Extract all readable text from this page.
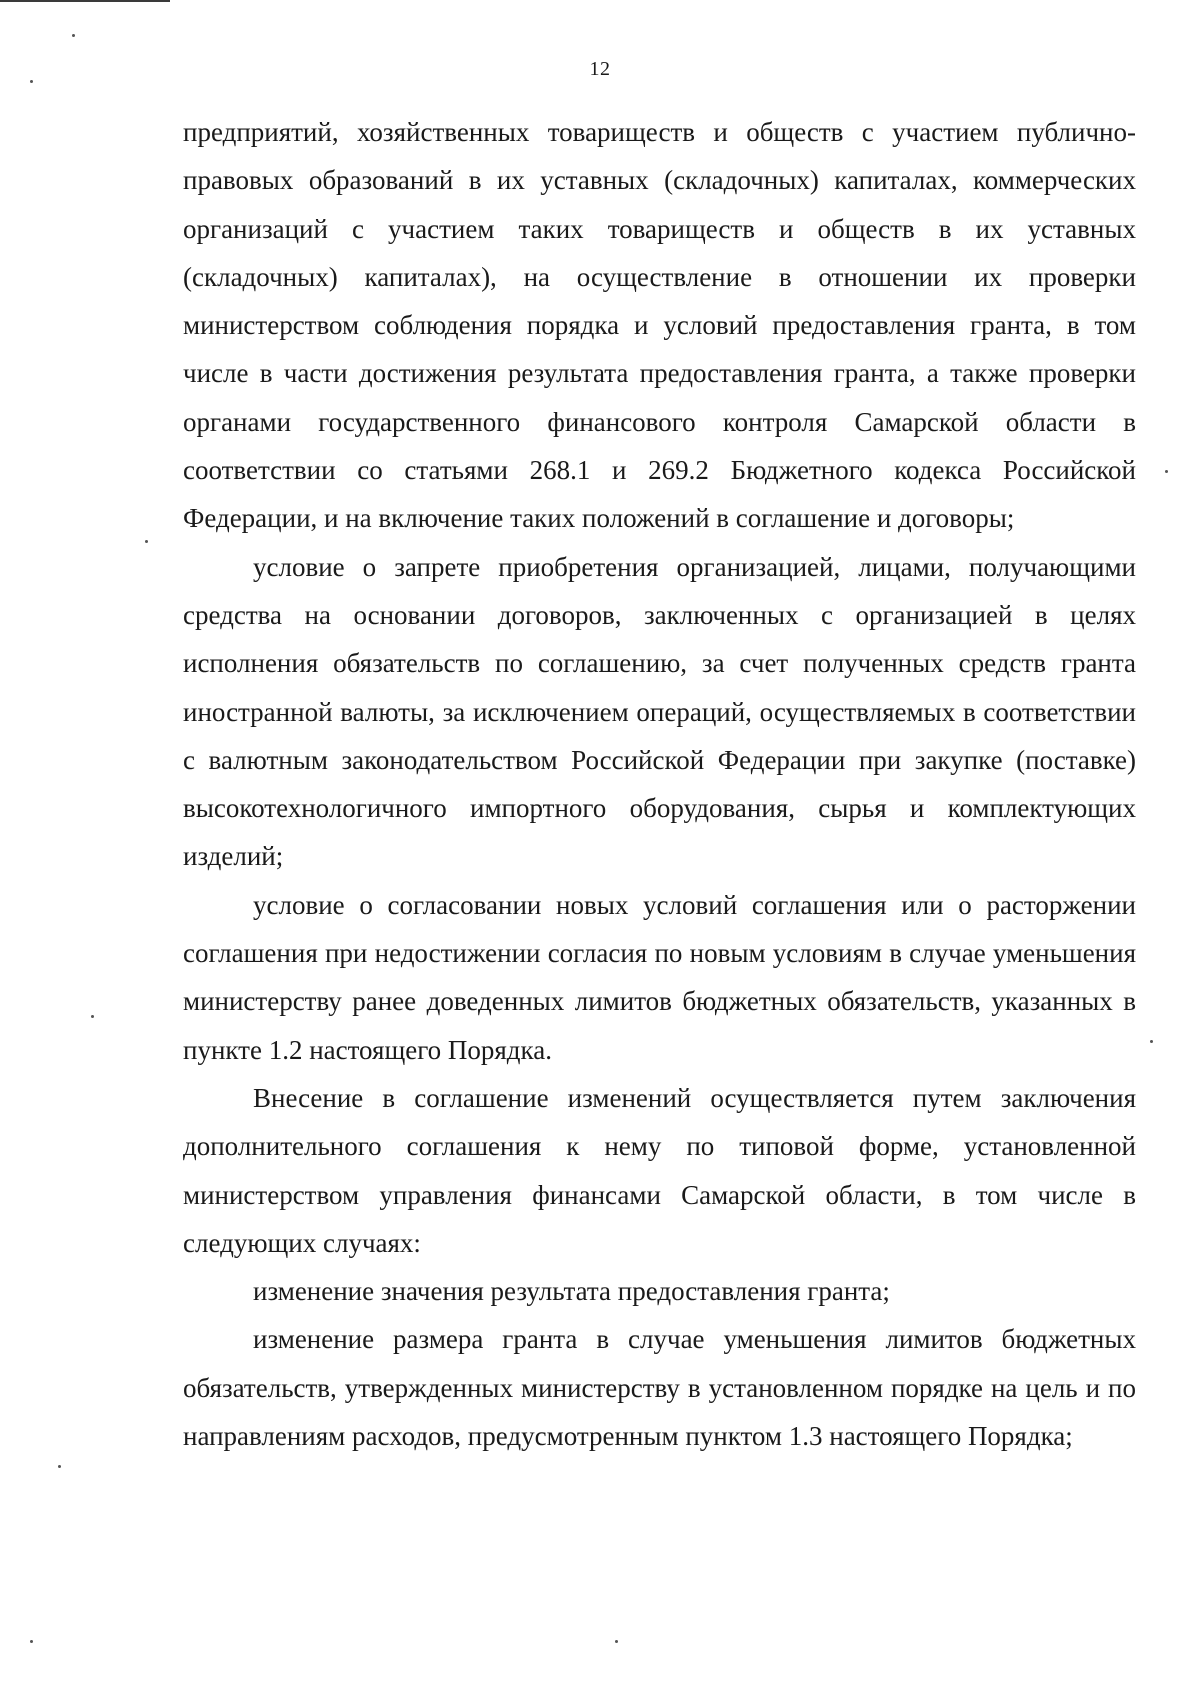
12

предприятий, хозяйственных товариществ и обществ с участием публично-правовых образований в их уставных (складочных) капиталах, коммерческих организаций с участием таких товариществ и обществ в их уставных (складочных) капиталах), на осуществление в отношении их проверки министерством соблюдения порядка и условий предоставления гранта, в том числе в части достижения результата предоставления гранта, а также проверки органами государственного финансового контроля Самарской области в соответствии со статьями 268.1 и 269.2 Бюджетного кодекса Российской Федерации, и на включение таких положений в соглашение и договоры;

условие о запрете приобретения организацией, лицами, получающими средства на основании договоров, заключенных с организацией в целях исполнения обязательств по соглашению, за счет полученных средств гранта иностранной валюты, за исключением операций, осуществляемых в соответствии с валютным законодательством Российской Федерации при закупке (поставке) высокотехнологичного импортного оборудования, сырья и комплектующих изделий;

условие о согласовании новых условий соглашения или о расторжении соглашения при недостижении согласия по новым условиям в случае уменьшения министерству ранее доведенных лимитов бюджетных обязательств, указанных в пункте 1.2 настоящего Порядка.

Внесение в соглашение изменений осуществляется путем заключения дополнительного соглашения к нему по типовой форме, установленной министерством управления финансами Самарской области, в том числе в следующих случаях:

изменение значения результата предоставления гранта;

изменение размера гранта в случае уменьшения лимитов бюджетных обязательств, утвержденных министерству в установленном порядке на цель и по направлениям расходов, предусмотренным пунктом 1.3 настоящего Порядка;
